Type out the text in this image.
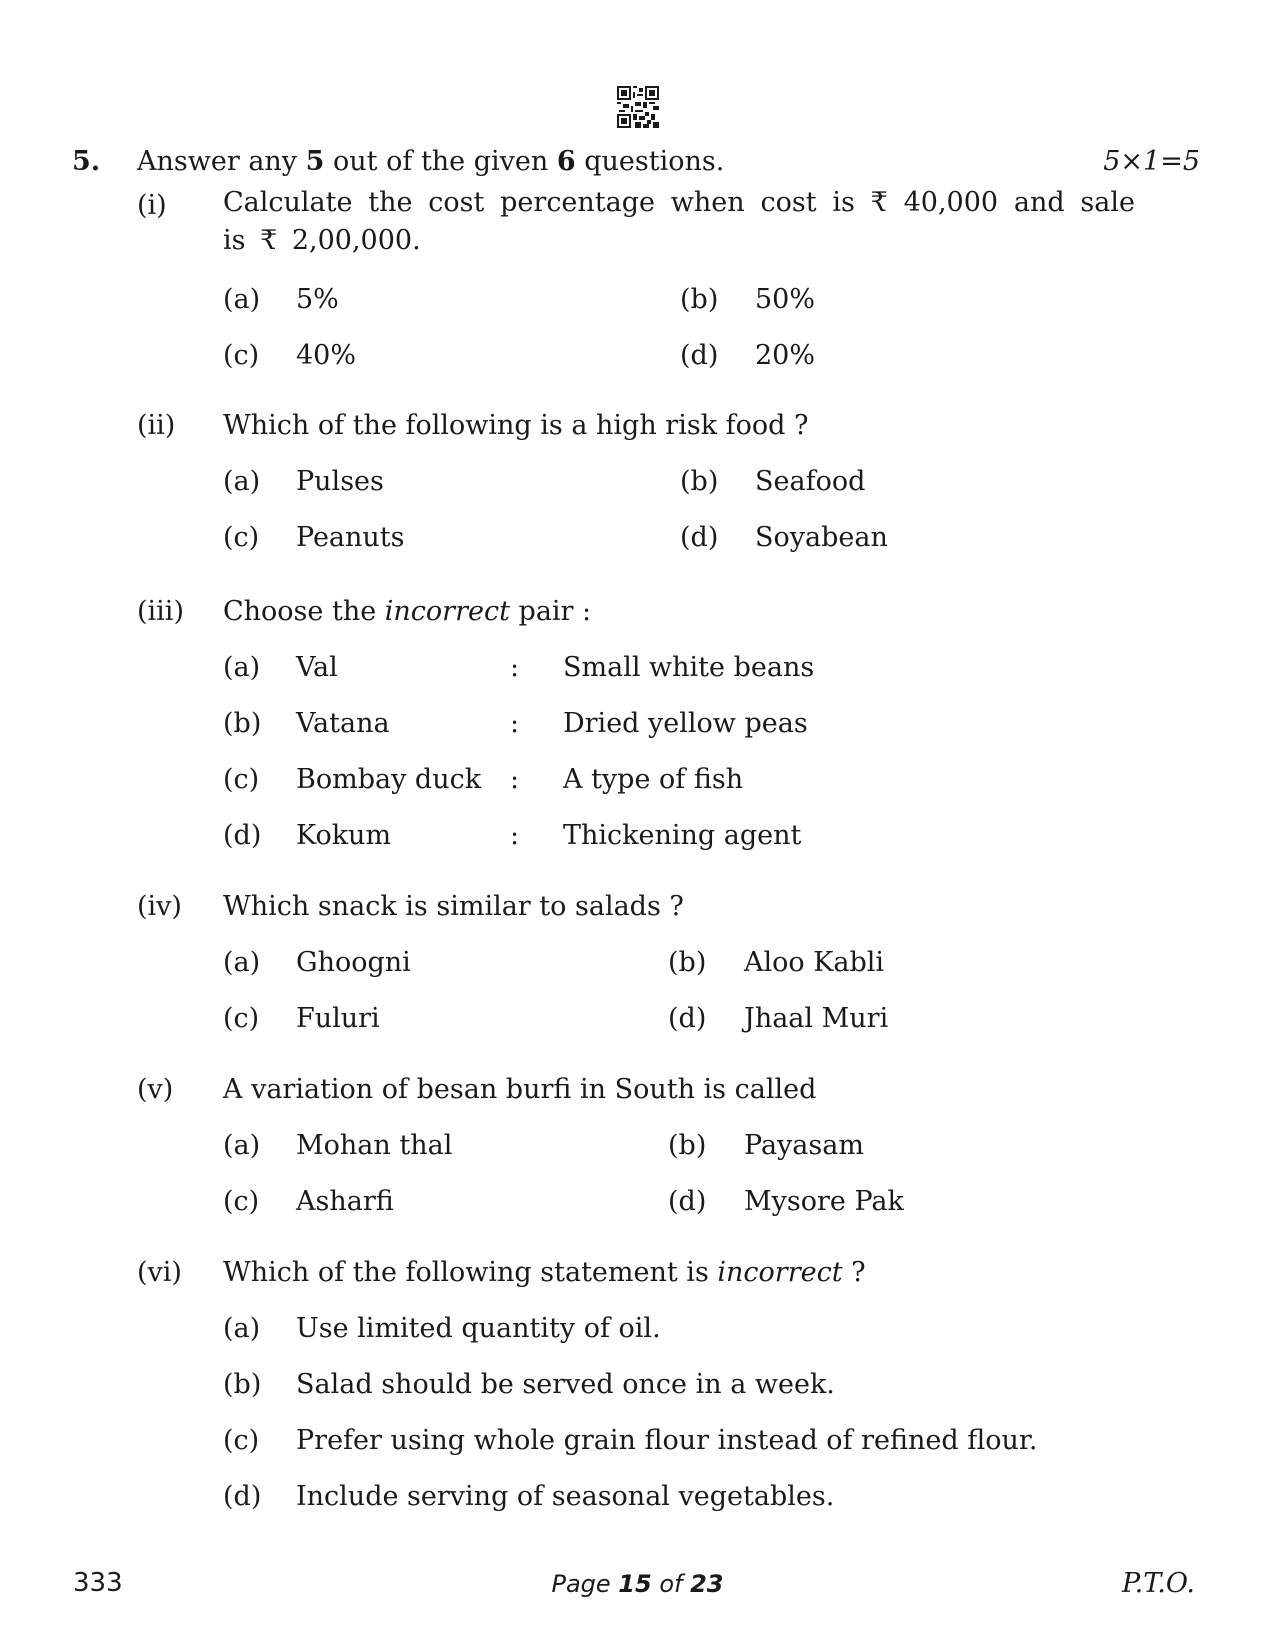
5. Answer any 5 out of the given 6 questions.	5×1=5
(i) Calculate the cost percentage when cost is ₹ 40,000 and sale is ₹ 2,00,000.
(a) 5%	(b) 50%
(c) 40%	(d) 20%
(ii) Which of the following is a high risk food ?
(a) Pulses	(b) Seafood
(c) Peanuts	(d) Soyabean
(iii) Choose the incorrect pair :
(a) Val	: Small white beans
(b) Vatana	: Dried yellow peas
(c) Bombay duck : A type of fish
(d) Kokum	: Thickening agent
(iv) Which snack is similar to salads ?
(a) Ghoogni	(b) Aloo Kabli
(c) Fuluri	(d) Jhaal Muri
(v) A variation of besan burfi in South is called
(a) Mohan thal	(b) Payasam
(c) Asharfi	(d) Mysore Pak
(vi) Which of the following statement is incorrect ?
(a) Use limited quantity of oil.
(b) Salad should be served once in a week.
(c) Prefer using whole grain flour instead of refined flour.
(d) Include serving of seasonal vegetables.
333	Page 15 of 23	P.T.O.
